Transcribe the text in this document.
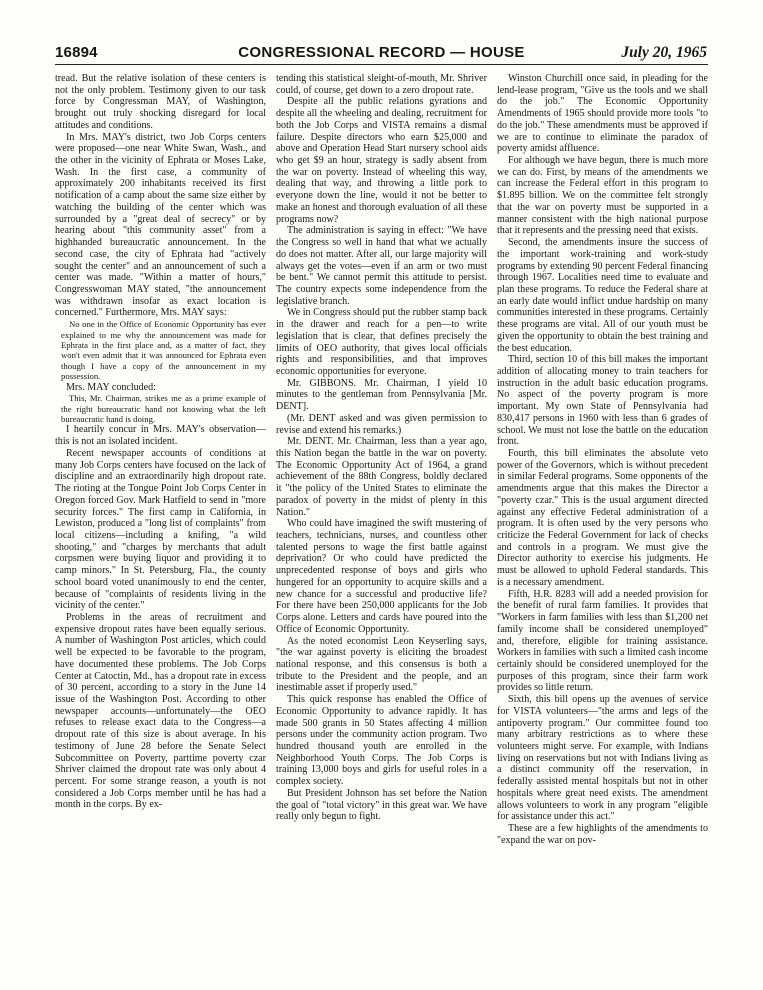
16894	CONGRESSIONAL RECORD — HOUSE	July 20, 1965

tread. But the relative isolation of these centers is not the only problem. Testimony given to our task force by Congressman MAY, of Washington, brought out truly shocking disregard for local attitudes and conditions.

In Mrs. MAY's district, two Job Corps centers were proposed—one near White Swan, Wash., and the other in the vicinity of Ephrata or Moses Lake, Wash. In the first case, a community of approximately 200 inhabitants received its first notification of a camp about the same size either by watching the building of the center which was surrounded by a "great deal of secrecy" or by hearing about "this community asset" from a highhanded bureaucratic announcement. In the second case, the city of Ephrata had "actively sought the center" and an announcement of such a center was made. "Within a matter of hours," Congresswoman MAY stated, "the announcement was withdrawn insofar as exact location is concerned." Furthermore, Mrs. MAY says:

No one in the Office of Economic Opportunity has ever explained to me why the announcement was made for Ephrata in the first place and, as a matter of fact, they won't even admit that it was announced for Ephrata even though I have a copy of the announcement in my possession.

Mrs. MAY concluded:

This, Mr. Chairman, strikes me as a prime example of the right bureaucratic hand not knowing what the left bureaucratic hand is doing.

I heartily concur in Mrs. MAY's observation—this is not an isolated incident.

Recent newspaper accounts of conditions at many Job Corps centers have focused on the lack of discipline and an extraordinarily high dropout rate. The rioting at the Tongue Point Job Corps Center in Oregon forced Gov. Mark Hatfield to send in "more security forces." The first camp in California, in Lewiston, produced a "long list of complaints" from local citizens—including a knifing, "a wild shooting," and "charges by merchants that adult corpsmen were buying liquor and providing it to camp minors." In St. Petersburg, Fla., the county school board voted unanimously to end the center, because of "complaints of residents living in the vicinity of the center."

Problems in the areas of recruitment and expensive dropout rates have been equally serious. A number of Washington Post articles, which could well be expected to be favorable to the program, have documented these problems. The Job Corps Center at Catoctin, Md., has a dropout rate in excess of 30 percent, according to a story in the June 14 issue of the Washington Post. According to other newspaper accounts—unfortunately—the OEO refuses to release exact data to the Congress—a dropout rate of this size is about average. In his testimony of June 28 before the Senate Select Subcommittee on Poverty, parttime poverty czar Shriver claimed the dropout rate was only about 4 percent. For some strange reason, a youth is not considered a Job Corps member until he has had a month in the corps. By ex-

tending this statistical sleight-of-mouth, Mr. Shriver could, of course, get down to a zero dropout rate.

Despite all the public relations gyrations and despite all the wheeling and dealing, recruitment for both the Job Corps and VISTA remains a dismal failure. Despite directors who earn $25,000 and above and Operation Head Start nursery school aids who get $9 an hour, strategy is sadly absent from the war on poverty. Instead of wheeling this way, dealing that way, and throwing a little pork to everyone down the line, would it not be better to make an honest and thorough evaluation of all these programs now?

The administration is saying in effect: "We have the Congress so well in hand that what we actually do does not matter. After all, our large majority will always get the votes—even if an arm or two must be bent." We cannot permit this attitude to persist. The country expects some independence from the legislative branch.

We in Congress should put the rubber stamp back in the drawer and reach for a pen—to write legislation that is clear, that defines precisely the limits of OEO authority, that gives local officials rights and responsibilities, and that improves economic opportunities for everyone.

Mr. GIBBONS. Mr. Chairman, I yield 10 minutes to the gentleman from Pennsylvania [Mr. DENT].

(Mr. DENT asked and was given permission to revise and extend his remarks.)

Mr. DENT. Mr. Chairman, less than a year ago, this Nation began the battle in the war on poverty. The Economic Opportunity Act of 1964, a grand achievement of the 88th Congress, boldly declared it "the policy of the United States to eliminate the paradox of poverty in the midst of plenty in this Nation."

Who could have imagined the swift mustering of teachers, technicians, nurses, and countless other talented persons to wage the first battle against deprivation? Or who could have predicted the unprecedented response of boys and girls who hungered for an opportunity to acquire skills and a new chance for a successful and productive life? For there have been 250,000 applicants for the Job Corps alone. Letters and cards have poured into the Office of Economic Opportunity.

As the noted economist Leon Keyserling says, "the war against poverty is eliciting the broadest national response, and this consensus is both a tribute to the President and the people, and an inestimable asset if properly used."

This quick response has enabled the Office of Economic Opportunity to advance rapidly. It has made 500 grants in 50 States affecting 4 million persons under the community action program. Two hundred thousand youth are enrolled in the Neighborhood Youth Corps. The Job Corps is training 13,000 boys and girls for useful roles in a complex society.

But President Johnson has set before the Nation the goal of "total victory" in this great war. We have really only begun to fight.

Winston Churchill once said, in pleading for the lend-lease program, "Give us the tools and we shall do the job." The Economic Opportunity Amendments of 1965 should provide more tools "to do the job." These amendments must be approved if we are to continue to eliminate the paradox of poverty amidst affluence.

For although we have begun, there is much more we can do. First, by means of the amendments we can increase the Federal effort in this program to $1.895 billion. We on the committee felt strongly that the war on poverty must be supported in a manner consistent with the high national purpose that it represents and the pressing need that exists.

Second, the amendments insure the success of the important work-training and work-study programs by extending 90 percent Federal financing through 1967. Localities need time to evaluate and plan these programs. To reduce the Federal share at an early date would inflict undue hardship on many communities interested in these programs. Certainly these programs are vital. All of our youth must be given the opportunity to obtain the best training and the best education.

Third, section 10 of this bill makes the important addition of allocating money to train teachers for instruction in the adult basic education programs. No aspect of the poverty program is more important. My own State of Pennsylvania had 830,417 persons in 1960 with less than 6 grades of school. We must not lose the battle on the education front.

Fourth, this bill eliminates the absolute veto power of the Governors, which is without precedent in similar Federal programs. Some opponents of the amendments argue that this makes the Director a "poverty czar." This is the usual argument directed against any effective Federal administration of a program. It is often used by the very persons who criticize the Federal Government for lack of checks and controls in a program. We must give the Director authority to exercise his judgments. He must be allowed to uphold Federal standards. This is a necessary amendment.

Fifth, H.R. 8283 will add a needed provision for the benefit of rural farm families. It provides that "Workers in farm families with less than $1,200 net family income shall be considered unemployed" and, therefore, eligible for training assistance. Workers in families with such a limited cash income certainly should be considered unemployed for the purposes of this program, since their farm work provides so little return.

Sixth, this bill opens up the avenues of service for VISTA volunteers—"the arms and legs of the antipoverty program." Our committee found too many arbitrary restrictions as to where these volunteers might serve. For example, with Indians living on reservations but not with Indians living as a distinct community off the reservation, in federally assisted mental hospitals but not in other hospitals where great need exists. The amendment allows volunteers to work in any program "eligible for assistance under this act."

These are a few highlights of the amendments to "expand the war on pov-
